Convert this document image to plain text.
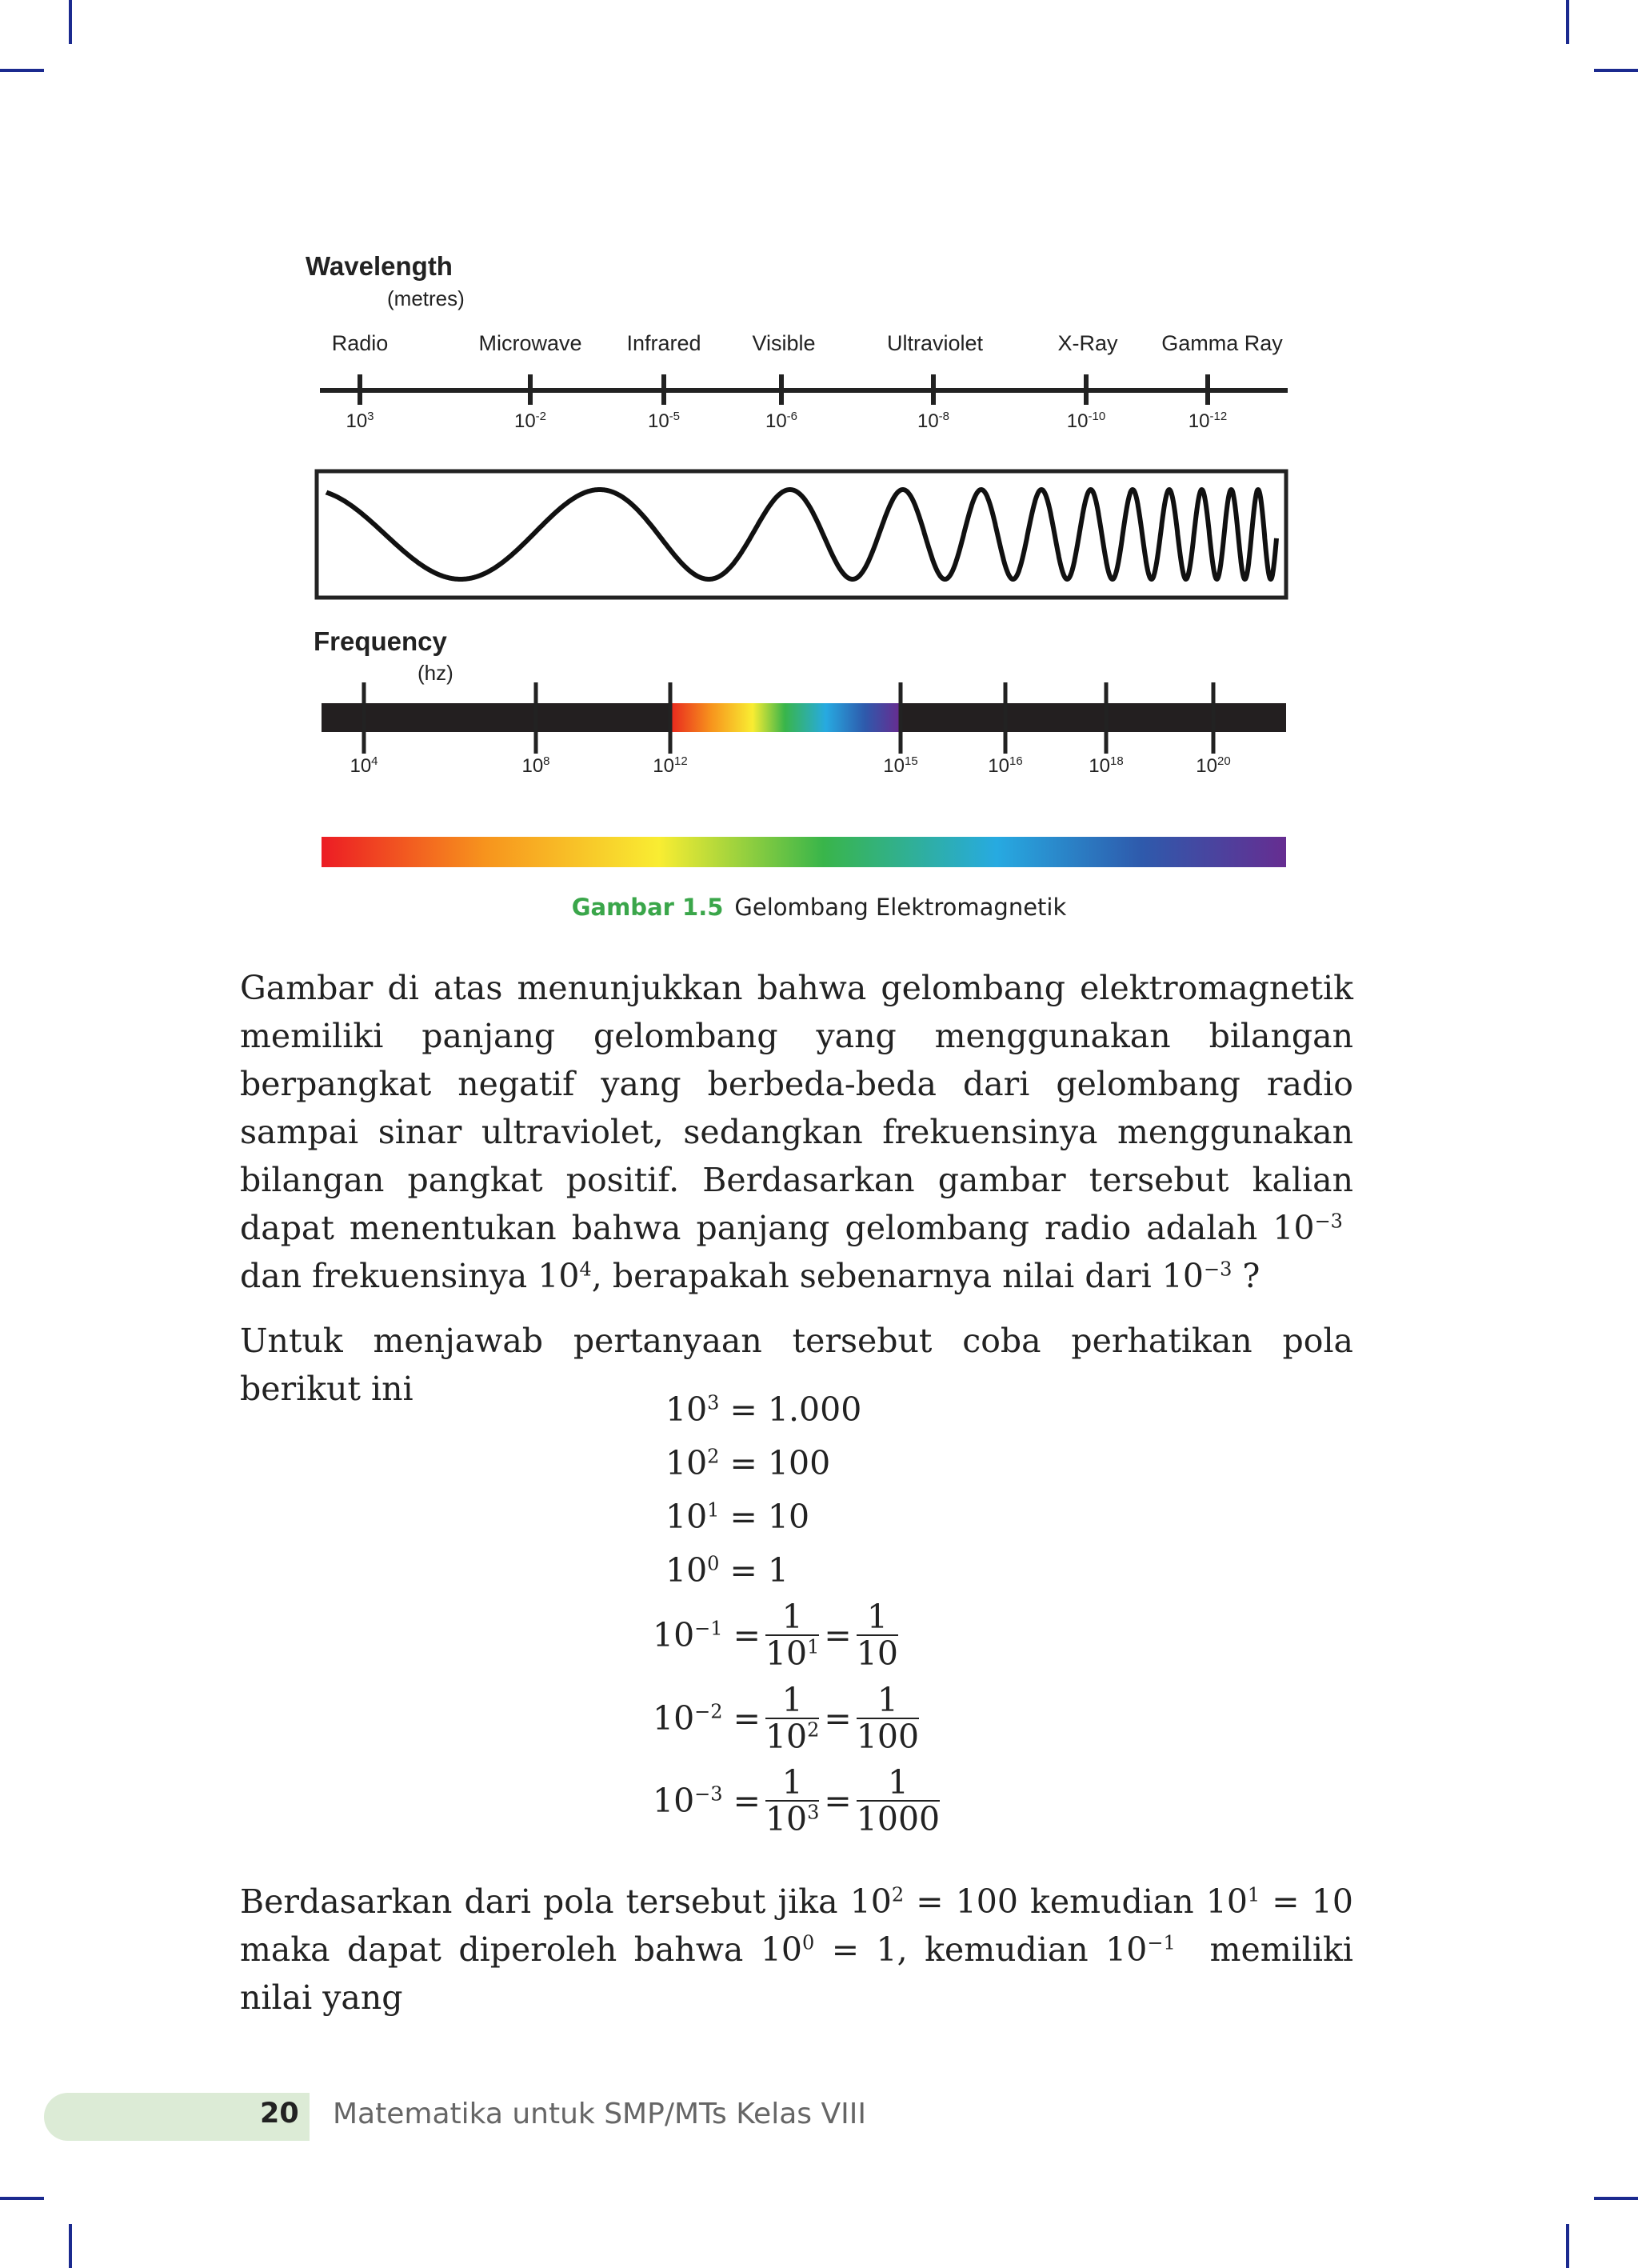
Wavelength
(metres)
Radio	Microwave Infrared Visible	Ultraviolet	X-Ray Gamma Ray
$10^3$	$10^{-2}$	$10^{-5}$	$10^{-6}$	$10^{-8}$	$10^{-10}$	$10^{-12}$
Frequency
(hz)
$10^4$	$10^8$	$10^{12}$	$10^{15}$	$10^{16}$	$10^{18}$	$10^{20}$
Gambar 1.5 Gelombang Elektromagnetik
Gambar di atas menunjukkan bahwa gelombang elektromagnetik memiliki panjang gelombang yang menggunakan bilangan berpangkat negatif yang berbeda-beda dari gelombang radio sampai sinar ultraviolet, sedangkan frekuensinya menggunakan bilangan pangkat positif. Berdasarkan gambar tersebut kalian dapat menentukan bahwa panjang gelombang radio adalah $10^{-3}$  dan frekuensinya $10^4$, berapakah sebenarnya nilai dari $10^{-3}$ ?
Untuk menjawab pertanyaan tersebut coba perhatikan pola berikut ini
$10^3 = 1.000$
$10^2 = 100$
$10^1 = 10$
$10^0 = 1$
$10^{-1} = \frac{1}{10^1} = \frac{1}{10}$
$10^{-2} = \frac{1}{10^2} = \frac{1}{100}$
$10^{-3} = \frac{1}{10^3} = \frac{1}{1000}$
Berdasarkan dari pola tersebut jika $10^2 = 100$ kemudian $10^1 = 10$ maka dapat diperoleh bahwa $10^0 = 1$, kemudian $10^{-1}$ memiliki nilai yang
20 Matematika untuk SMP/MTs Kelas VIII
